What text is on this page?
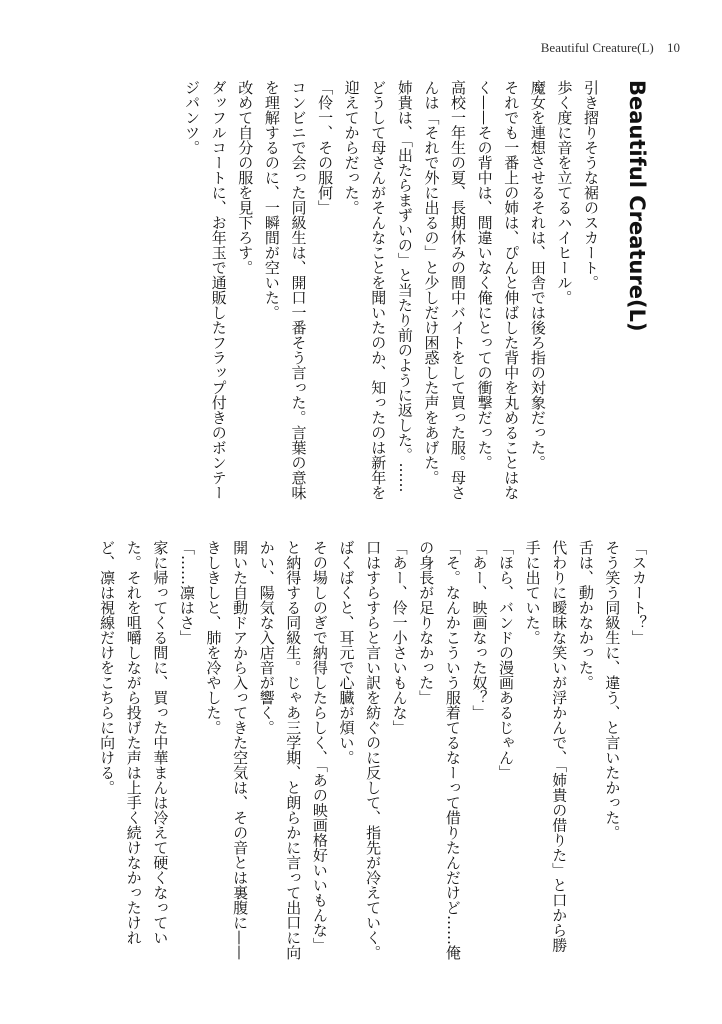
Beautiful Creature(L) 10
Beautiful Creature(L)

引き摺りそうな裾のスカート。

歩く度に音を立てるハイヒール。

魔女を連想させるそれは、田舎では後ろ指の対象だった。

それでも一番上の姉は、ぴんと伸ばした背中を丸めることはなく——その背中は、間違いなく俺にとっての衝撃だった。

高校一年生の夏、長期休みの間中バイトをして買った服。母さんは「それで外に出るの」と少しだけ困惑した声をあげた。

姉貴は、「出たらまずいの」と当たり前のように返した。……どうして母さんがそんなことを聞いたのか、知ったのは新年を迎えてからだった。

「伶一、その服何」

コンビニで会った同級生は、開口一番そう言った。言葉の意味を理解するのに、一瞬間が空いた。

改めて自分の服を見下ろす。

ダッフルコートに、お年玉で通販したフラップ付きのボンテージパンツ。

「スカート？」

そう笑う同級生に、違う、と言いたかった。

舌は、動かなかった。

代わりに曖昧な笑いが浮かんで、「姉貴の借りた」と口から勝手に出ていた。

「ほら、バンドの漫画あるじゃん」

「あー、映画なった奴？」

「そ。なんかこういう服着てるなーって借りたんだけど……俺の身長が足りなかった」

「あー、伶一小さいもんな」

口はすらすらと言い訳を紡ぐのに反して、指先が冷えていく。ばくばくと、耳元で心臓が煩い。

その場しのぎで納得したらしく、「あの映画格好いいもんな」と納得する同級生。じゃあ三学期、と朗らかに言って出口に向かい、陽気な入店音が響く。

開いた自動ドアから入ってきた空気は、その音とは裏腹に——きしきしと、肺を冷やした。

「……凛はさ」

家に帰ってくる間に、買った中華まんは冷えて硬くなっていた。それを咀嚼しながら投げた声は上手く続けなかったけれど、凛は視線だけをこちらに向ける。
